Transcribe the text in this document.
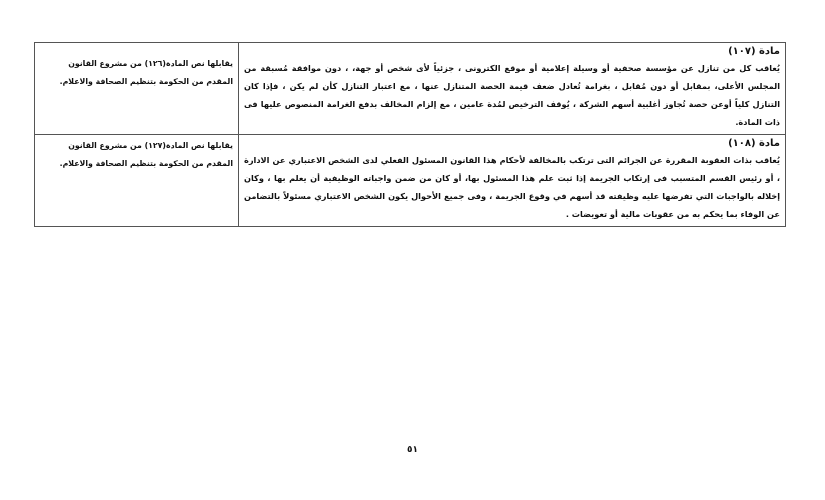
مادة (١٠٧)
يُعاقب كل من تنازل عن مؤسسة صحفية أو وسيلة إعلامية أو موقع الكترونى ، جزئياً لأى شخص أو جهة، ، دون موافقة مُسبقة من المجلس الأعلى، بمقابل أو دون مُقابل ، بغرامة تُعادل ضعف قيمة الحصة المتنازل عنها ، مع اعتبار التنازل كأن لم يكن ، فإذا كان التنازل كلياً أوعن حصة تُجاوز أغلبية أسهم الشركة ، يُوقف الترخيص لمُدة عامين ، مع إلزام المخالف بدفع الغرامة المنصوص عليها فى ذات المادة.	يقابلها نص المادة(١٢٦) من مشروع القانون المقدم من الحكومة بتنظيم الصحافة والاعلام.

مادة (١٠٨)
يُعاقب بذات العقوبة المقررة عن الجرائم التى ترتكب بالمخالفة لأحكام هذا القانون المسئول الفعلي لدى الشخص الاعتباري عن الادارة ، أو رئيس القسم المتسبب فى إرتكاب الجريمة إذا ثبت علم هذا المسئول بها، أو كان من ضمن واجباته الوظيفية أن يعلم بها ، وكان إخلاله بالواجبات التي تفرضها عليه وظيفته قد أسهم في وقوع الجريمة ، وفى جميع الأحوال يكون الشخص الاعتباري مسئولاً بالتضامن عن الوفاء بما يحكم به من عقوبات مالية أو تعويضات .	يقابلها نص المادة(١٢٧) من مشروع القانون المقدم من الحكومة بتنظيم الصحافة والاعلام.
٥١
